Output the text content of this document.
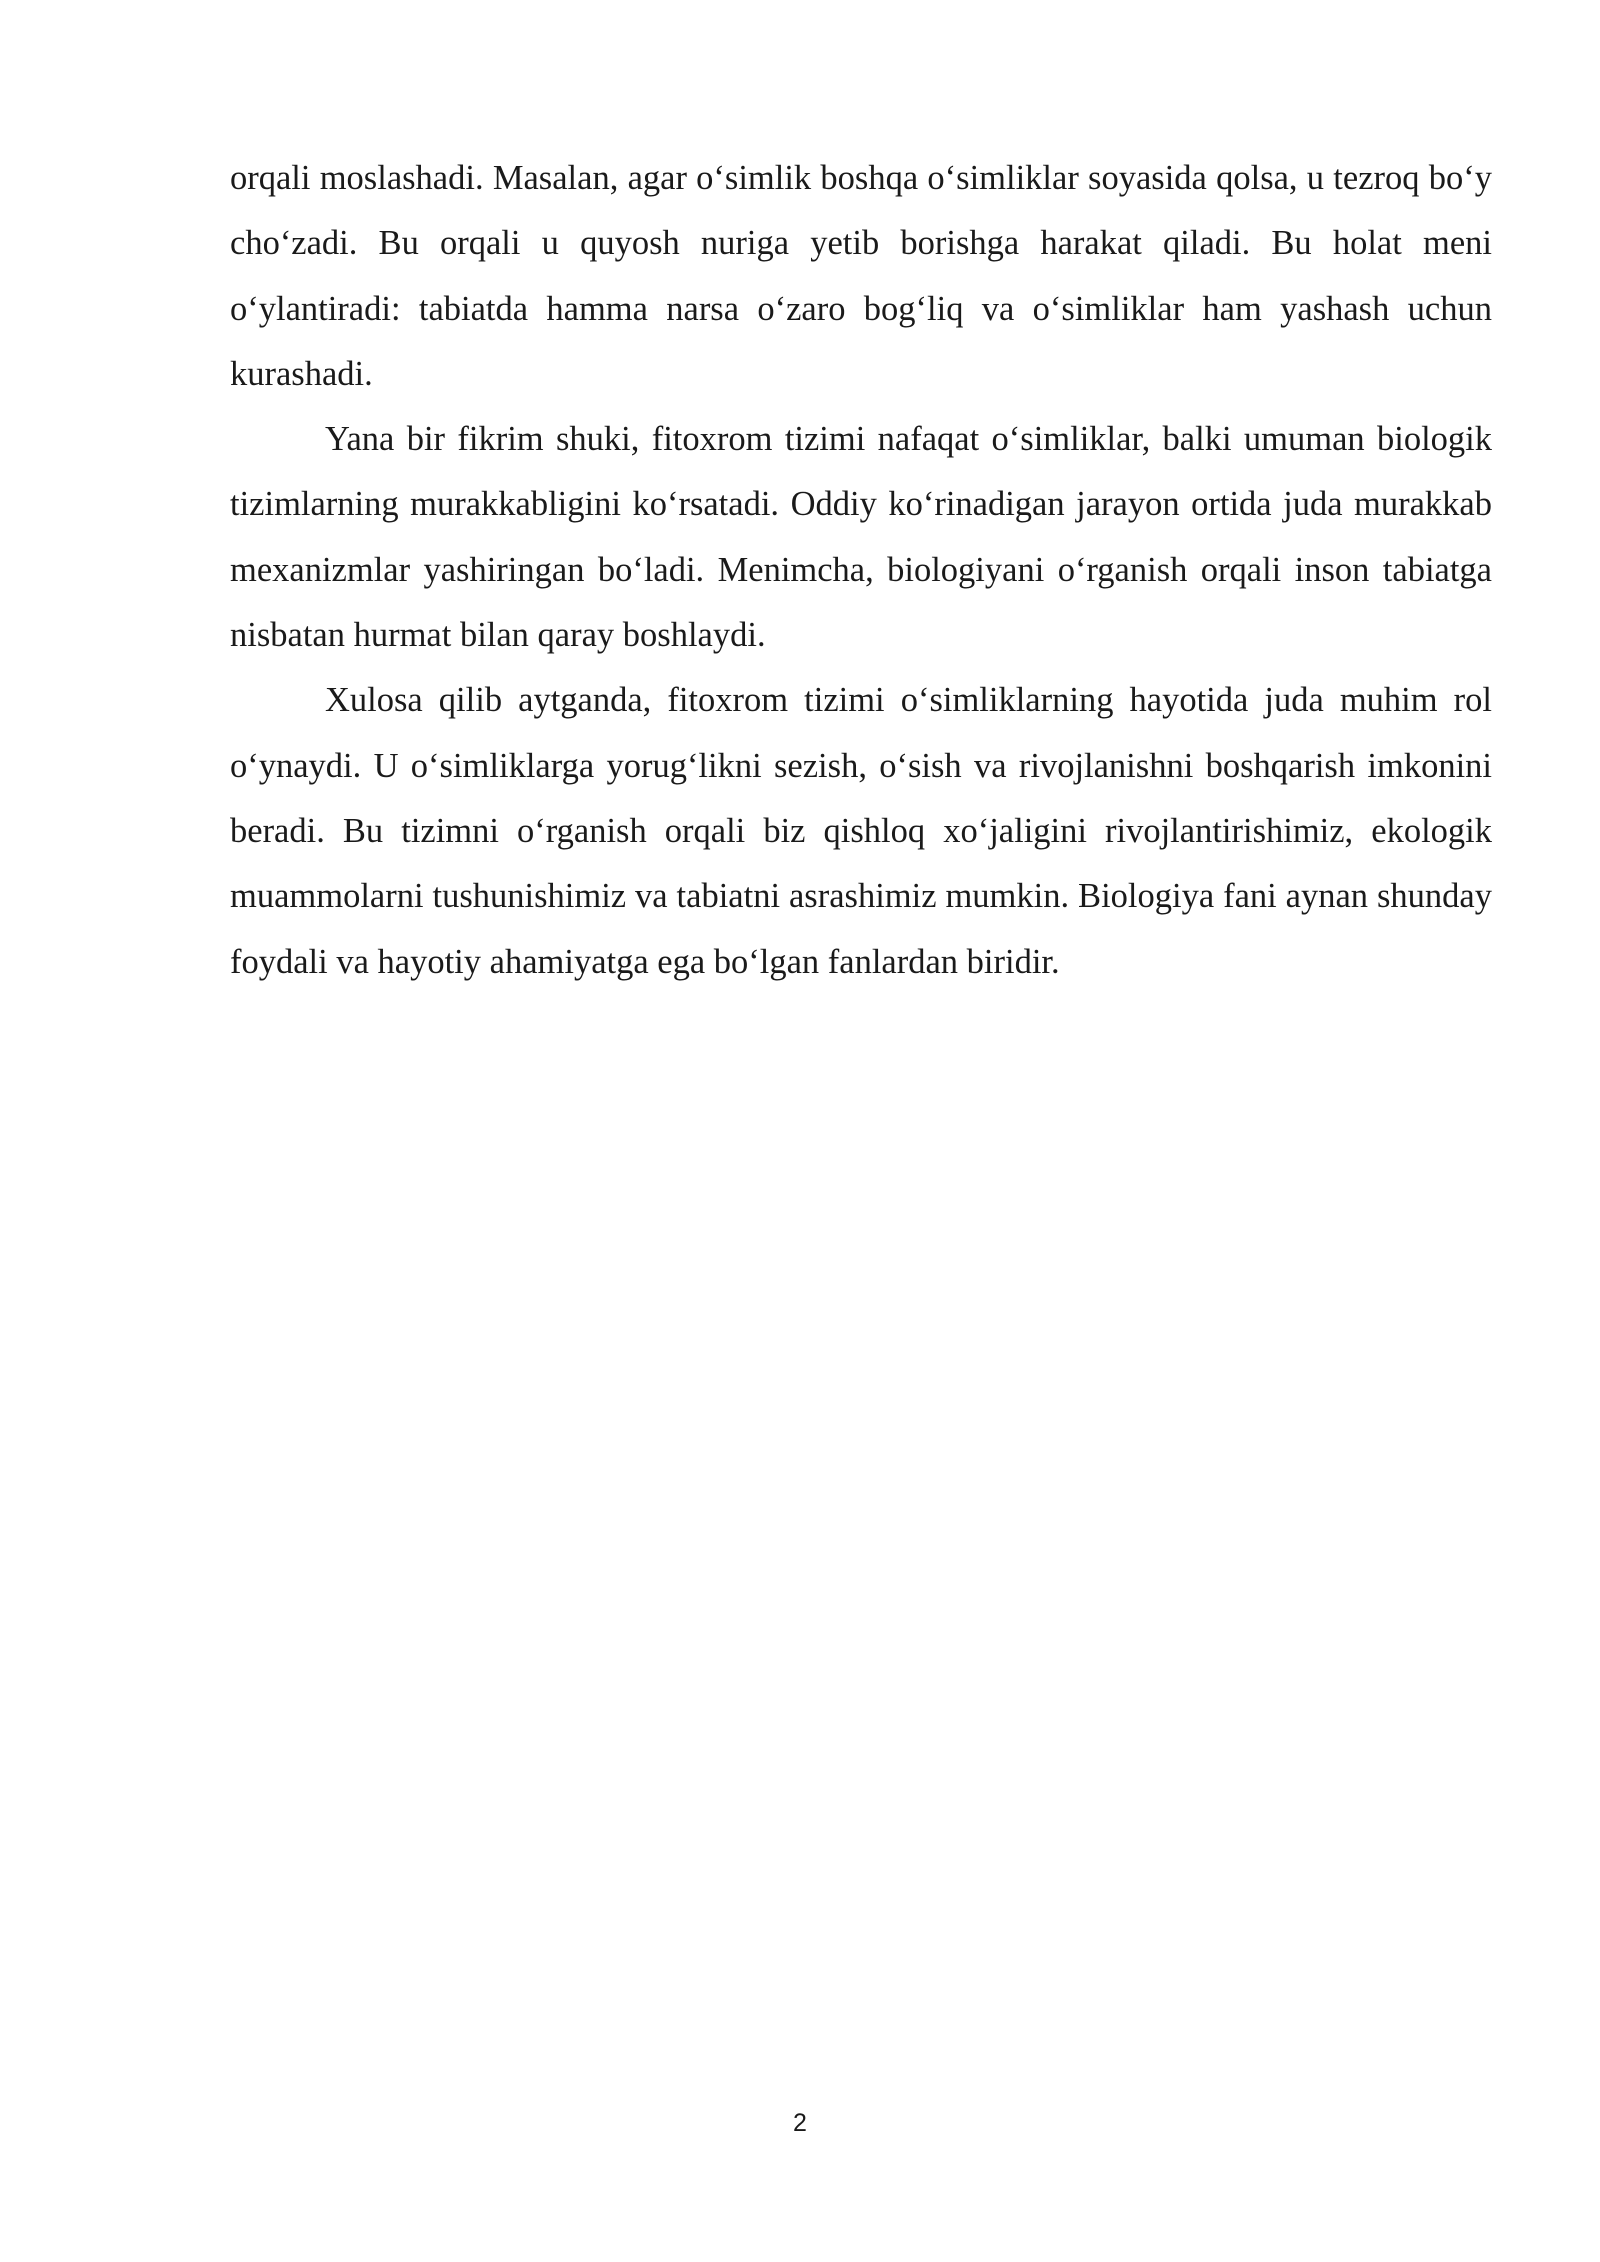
orqali moslashadi. Masalan, agar o‘simlik boshqa o‘simliklar soyasida qolsa, u tezroq bo‘y cho‘zadi. Bu orqali u quyosh nuriga yetib borishga harakat qiladi. Bu holat meni o‘ylantiradi: tabiatda hamma narsa o‘zaro bog‘liq va o‘simliklar ham yashash uchun kurashadi.

Yana bir fikrim shuki, fitoxrom tizimi nafaqat o‘simliklar, balki umuman biologik tizimlarning murakkabligini ko‘rsatadi. Oddiy ko‘rinadigan jarayon ortida juda murakkab mexanizmlar yashiringan bo‘ladi. Menimcha, biologiyani o‘rganish orqali inson tabiatga nisbatan hurmat bilan qaray boshlaydi.

Xulosa qilib aytganda, fitoxrom tizimi o‘simliklarning hayotida juda muhim rol o‘ynaydi. U o‘simliklarga yorug‘likni sezish, o‘sish va rivojlanishni boshqarish imkonini beradi. Bu tizimni o‘rganish orqali biz qishloq xo‘jaligini rivojlantirishimiz, ekologik muammolarni tushunishimiz va tabiatni asrashimiz mumkin. Biologiya fani aynan shunday foydali va hayotiy ahamiyatga ega bo‘lgan fanlardan biridir.

2
